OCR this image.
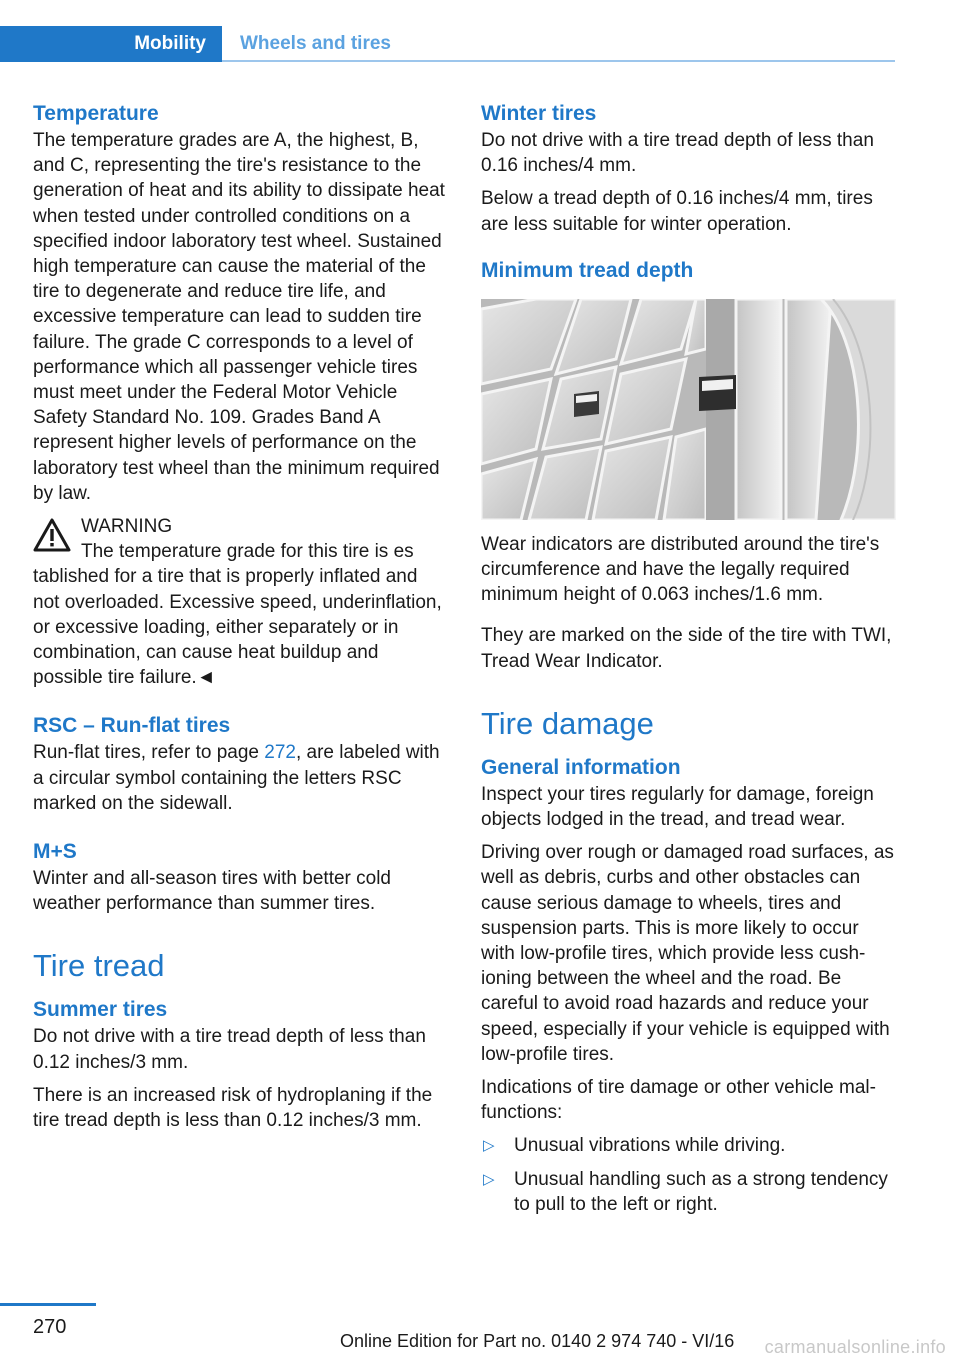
Mobility Wheels and tires
Temperature

The temperature grades are A, the highest, B, and C, representing the tire's resistance to the generation of heat and its ability to dissipate heat when tested under controlled conditions on a specified indoor laboratory test wheel. Sustained high temperature can cause the material of the tire to degenerate and reduce tire life, and excessive temperature can lead to sudden tire failure. The grade C corresponds to a level of performance which all passenger vehicle tires must meet under the Federal Motor Vehicle Safety Standard No. 109. Grades Band A represent higher levels of performance on the laboratory test wheel than the minimum required by law.

WARNING

The temperature grade for this tire is es

tablished for a tire that is properly inflated and not overloaded. Excessive speed, underinflation, or excessive loading, either separately or in combination, can cause heat buildup and possible tire failure.◄

RSC – Run-flat tires

Run-flat tires, refer to page 272, are labeled with a circular symbol containing the letters RSC marked on the sidewall.

M+S

Winter and all-season tires with better cold weather performance than summer tires.

Tire tread
Summer tires

Do not drive with a tire tread depth of less than 0.12 inches/3 mm.

There is an increased risk of hydroplaning if the tire tread depth is less than 0.12 inches/3 mm.

Winter tires

Do not drive with a tire tread depth of less than 0.16 inches/4 mm.

Below a tread depth of 0.16 inches/4 mm, tires are less suitable for winter operation.

Minimum tread depth

Wear indicators are distributed around the tire's circumference and have the legally required minimum height of 0.063 inches/1.6 mm.

They are marked on the side of the tire with TWI, Tread Wear Indicator.

Tire damage
General information

Inspect your tires regularly for damage, foreign objects lodged in the tread, and tread wear.

Driving over rough or damaged road surfaces, as well as debris, curbs and other obstacles can cause serious damage to wheels, tires and suspension parts. This is more likely to occur with low-profile tires, which provide less cushioning between the wheel and the road. Be careful to avoid road hazards and reduce your speed, especially if your vehicle is equipped with low-profile tires.

Indications of tire damage or other vehicle malfunctions:

▷ Unusual vibrations while driving.
▷ Unusual handling such as a strong tendency to pull to the left or right.
270
Online Edition for Part no. 0140 2 974 740 - VI/16 carmanualsonline.info
